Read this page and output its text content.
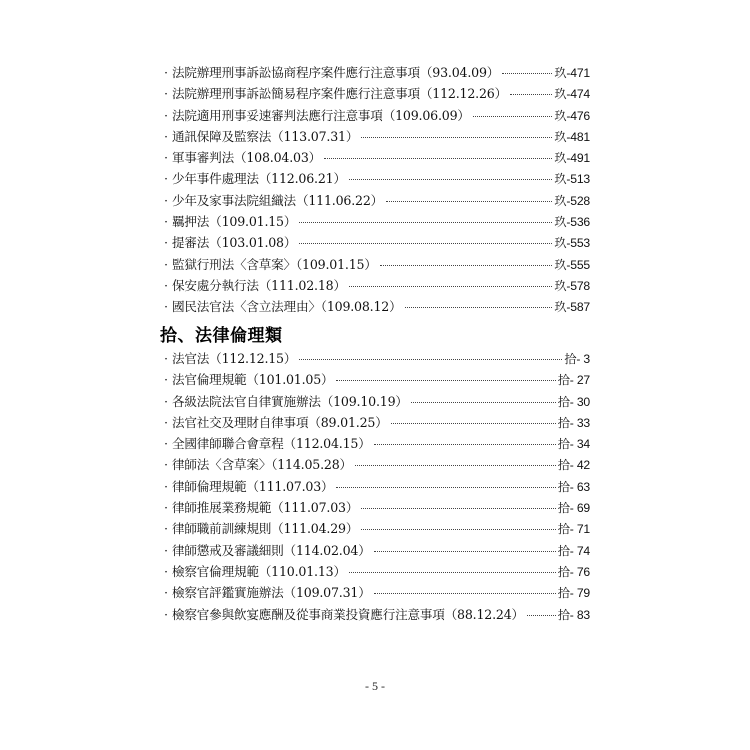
· 法院辦理刑事訴訟協商程序案件應行注意事項（93.04.09）	玖-471
· 法院辦理刑事訴訟簡易程序案件應行注意事項（112.12.26）	玖-474
· 法院適用刑事妥速審判法應行注意事項（109.06.09）	玖-476
· 通訊保障及監察法（113.07.31）	玖-481
· 軍事審判法（108.04.03）	玖-491
· 少年事件處理法（112.06.21）	玖-513
· 少年及家事法院組織法（111.06.22）	玖-528
· 羈押法（109.01.15）	玖-536
· 提審法（103.01.08）	玖-553
· 監獄行刑法〈含草案〉（109.01.15）	玖-555
· 保安處分執行法（111.02.18）	玖-578
· 國民法官法〈含立法理由〉（109.08.12）	玖-587
拾、法律倫理類
· 法官法（112.12.15）	拾- 3
· 法官倫理規範（101.01.05）	拾- 27
· 各級法院法官自律實施辦法（109.10.19）	拾- 30
· 法官社交及理財自律事項（89.01.25）	拾- 33
· 全國律師聯合會章程（112.04.15）	拾- 34
· 律師法〈含草案〉（114.05.28）	拾- 42
· 律師倫理規範（111.07.03）	拾- 63
· 律師推展業務規範（111.07.03）	拾- 69
· 律師職前訓練規則（111.04.29）	拾- 71
· 律師懲戒及審議細則（114.02.04）	拾- 74
· 檢察官倫理規範（110.01.13）	拾- 76
· 檢察官評鑑實施辦法（109.07.31）	拾- 79
· 檢察官參與飲宴應酬及從事商業投資應行注意事項（88.12.24）	拾- 83
- 5 -
